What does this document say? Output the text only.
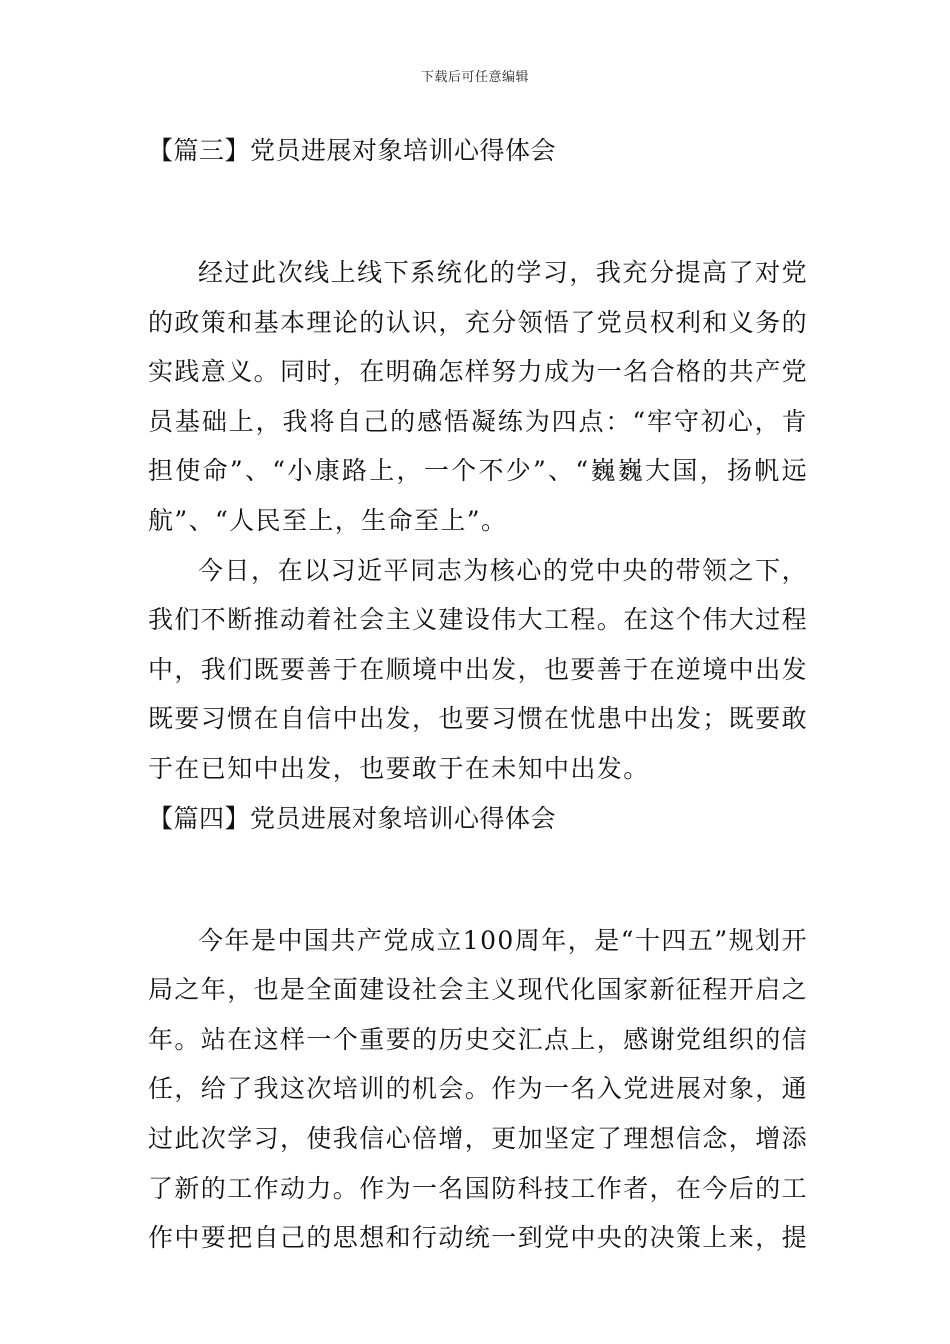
下载后可任意编辑
【篇三】党员进展对象培训心得体会

经过此次线上线下系统化的学习，我充分提高了对党的政策和基本理论的认识，充分领悟了党员权利和义务的实践意义。同时，在明确怎样努力成为一名合格的共产党员基础上，我将自己的感悟凝练为四点：“牢守初心，肯担使命”、“小康路上，一个不少”、“巍巍大国，扬帆远航”、“人民至上，生命至上”。

今日，在以习近平同志为核心的党中央的带领之下，我们不断推动着社会主义建设伟大工程。在这个伟大过程中，我们既要善于在顺境中出发，也要善于在逆境中出发既要习惯在自信中出发，也要习惯在忧患中出发；既要敢于在已知中出发，也要敢于在未知中出发。

【篇四】党员进展对象培训心得体会

今年是中国共产党成立100周年，是“十四五”规划开局之年，也是全面建设社会主义现代化国家新征程开启之年。站在这样一个重要的历史交汇点上，感谢党组织的信任，给了我这次培训的机会。作为一名入党进展对象，通过此次学习，使我信心倍增，更加坚定了理想信念，增添了新的工作动力。作为一名国防科技工作者，在今后的工作中要把自己的思想和行动统一到党中央的决策上来，提
